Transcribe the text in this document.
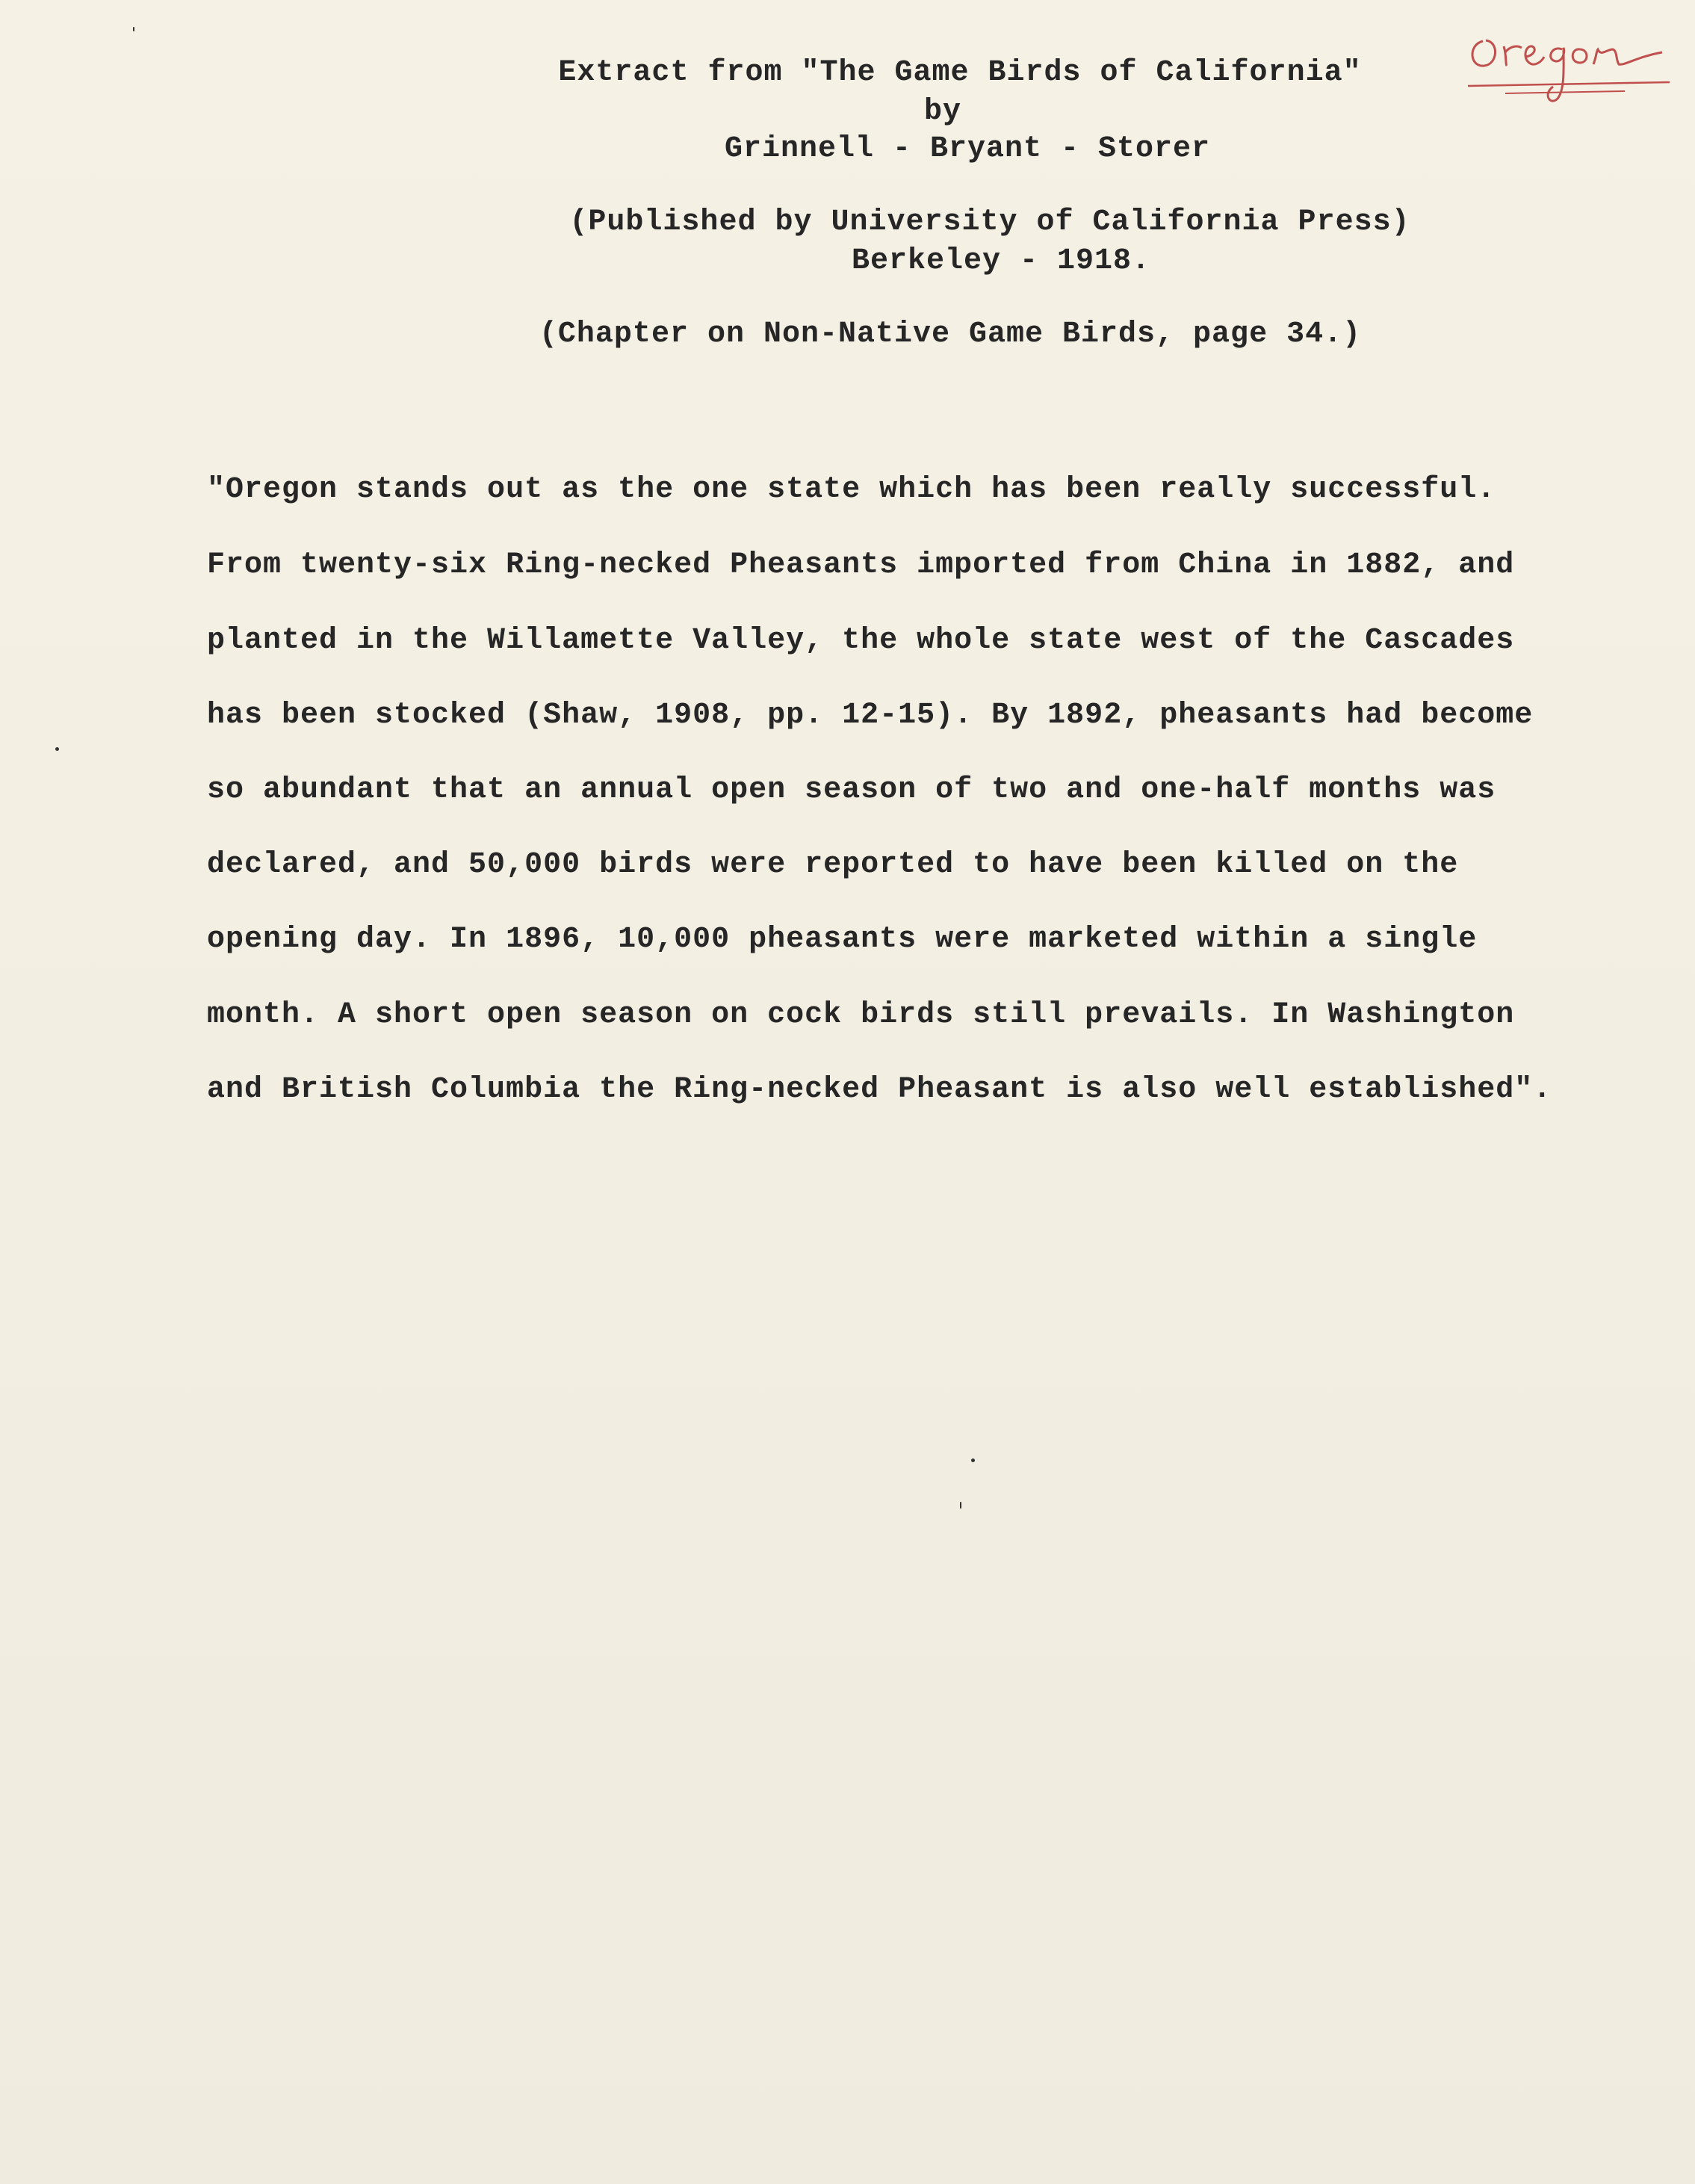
Oregon
Extract from "The Game Birds of California"
by
Grinnell - Bryant - Storer
(Published by University of California Press)
Berkeley - 1918.
(Chapter on Non-Native Game Birds, page 34.)
"Oregon stands out as the one state which has been really successful.
From twenty-six Ring-necked Pheasants imported from China in 1882, and
planted in the Willamette Valley, the whole state west of the Cascades
has been stocked (Shaw, 1908, pp. 12-15). By 1892, pheasants had become
so abundant that an annual open season of two and one-half months was
declared, and 50,000 birds were reported to have been killed on the
opening day. In 1896, 10,000 pheasants were marketed within a single
month. A short open season on cock birds still prevails. In Washington
and British Columbia the Ring-necked Pheasant is also well established".
